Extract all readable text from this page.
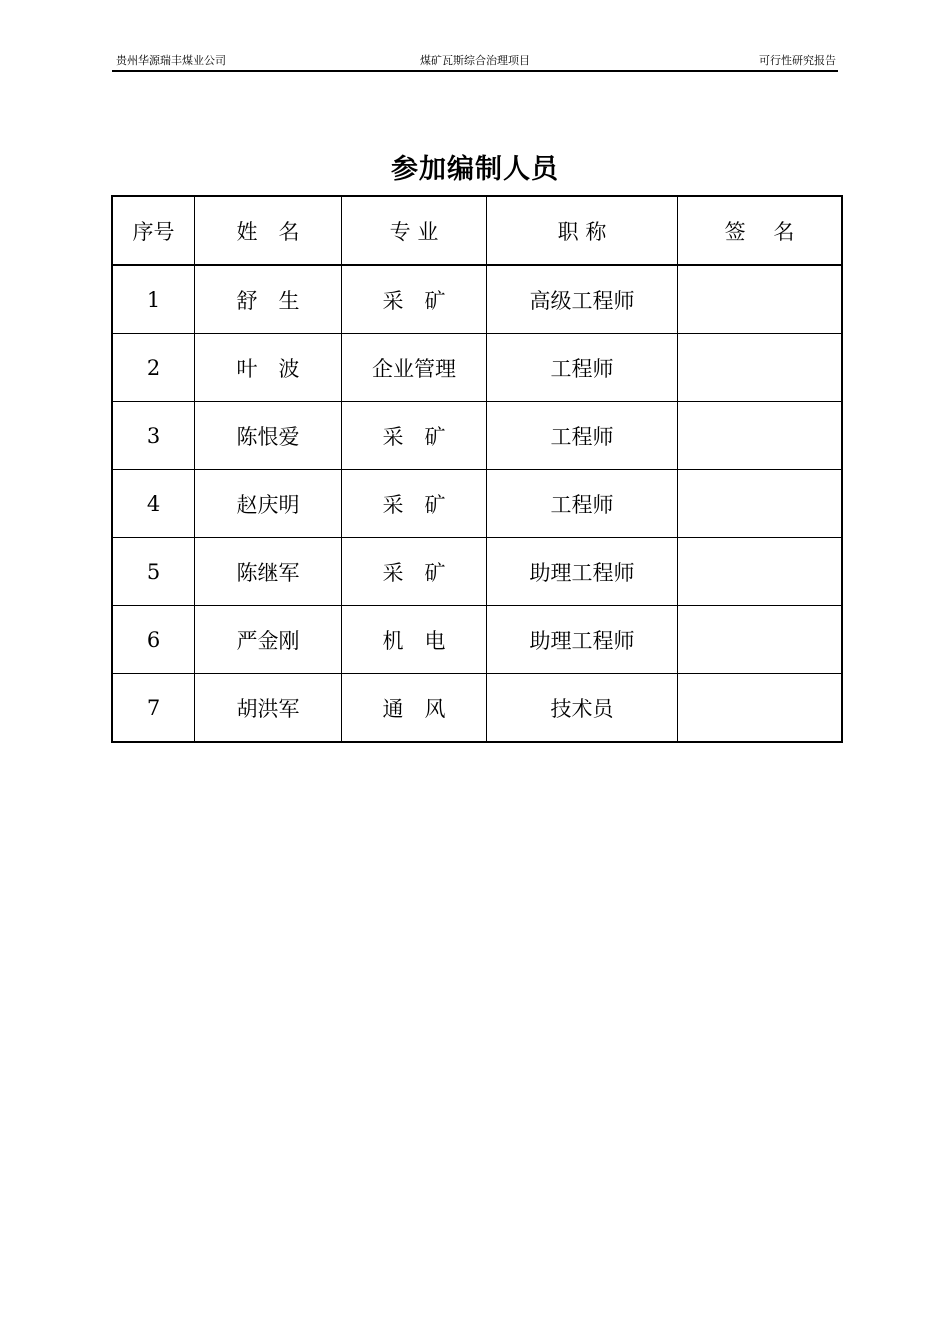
贵州华源瑞丰煤业公司	煤矿瓦斯综合治理项目	可行性研究报告
参加编制人员
序号	姓　名	专 业	职 称	签　 名
1	舒　生	采　矿	高级工程师	
2	叶　波	企业管理	工程师	
3	陈恨爱	采　矿	工程师	
4	赵庆明	采　矿	工程师	
5	陈继军	采　矿	助理工程师	
6	严金刚	机　电	助理工程师	
7	胡洪军	通　风	技术员	
